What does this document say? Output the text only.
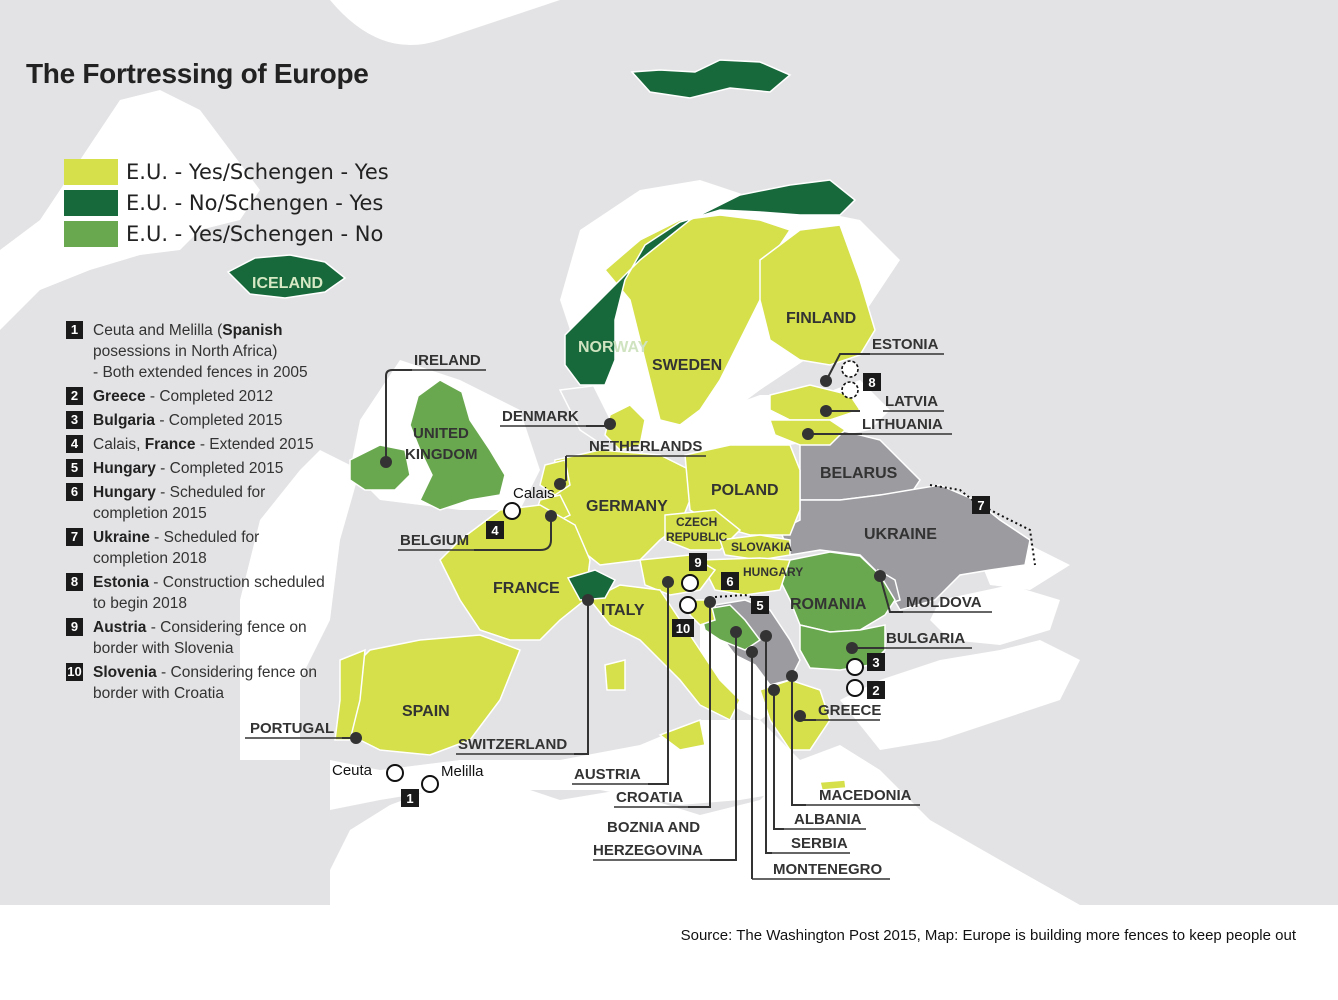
ICELAND
NORWAY
SWEDEN
FINLAND
ESTONIA
LATVIA
LITHUANIA
BELARUS
UKRAINE
MOLDOVA
ROMANIA
BULGARIA
GREECE
MACEDONIA
ALBANIA
SERBIA
MONTENEGRO
BOZNIA AND
HERZEGOVINA
CROATIA
AUSTRIA
SWITZERLAND
ITALY
FRANCE
SPAIN
PORTUGAL
IRELAND
UNITED
KINGDOM
BELGIUM
NETHERLANDS
DENMARK
GERMANY
POLAND
CZECH
REPUBLIC
SLOVAKIA
HUNGARY
1
2
3
4
5
6
7
8
9
10
Calais
Ceuta	Melilla
The Fortressing of Europe
E.U. - Yes/Schengen - Yes
E.U. - No/Schengen - Yes
E.U. - Yes/Schengen - No
1 Ceuta and Melilla (Spanish
posessions in North Africa)
- Both extended fences in 2005
2 Greece - Completed 2012
3 Bulgaria - Completed 2015
4 Calais, France - Extended 2015
5 Hungary - Completed 2015
6 Hungary - Scheduled for
completion 2015
7 Ukraine - Scheduled for
completion 2018
8 Estonia - Construction scheduled
to begin 2018
9 Austria - Considering fence on
border with Slovenia
10 Slovenia - Considering fence on
border with Croatia
Source: The Washington Post 2015, Map: Europe is building more fences to keep people out
